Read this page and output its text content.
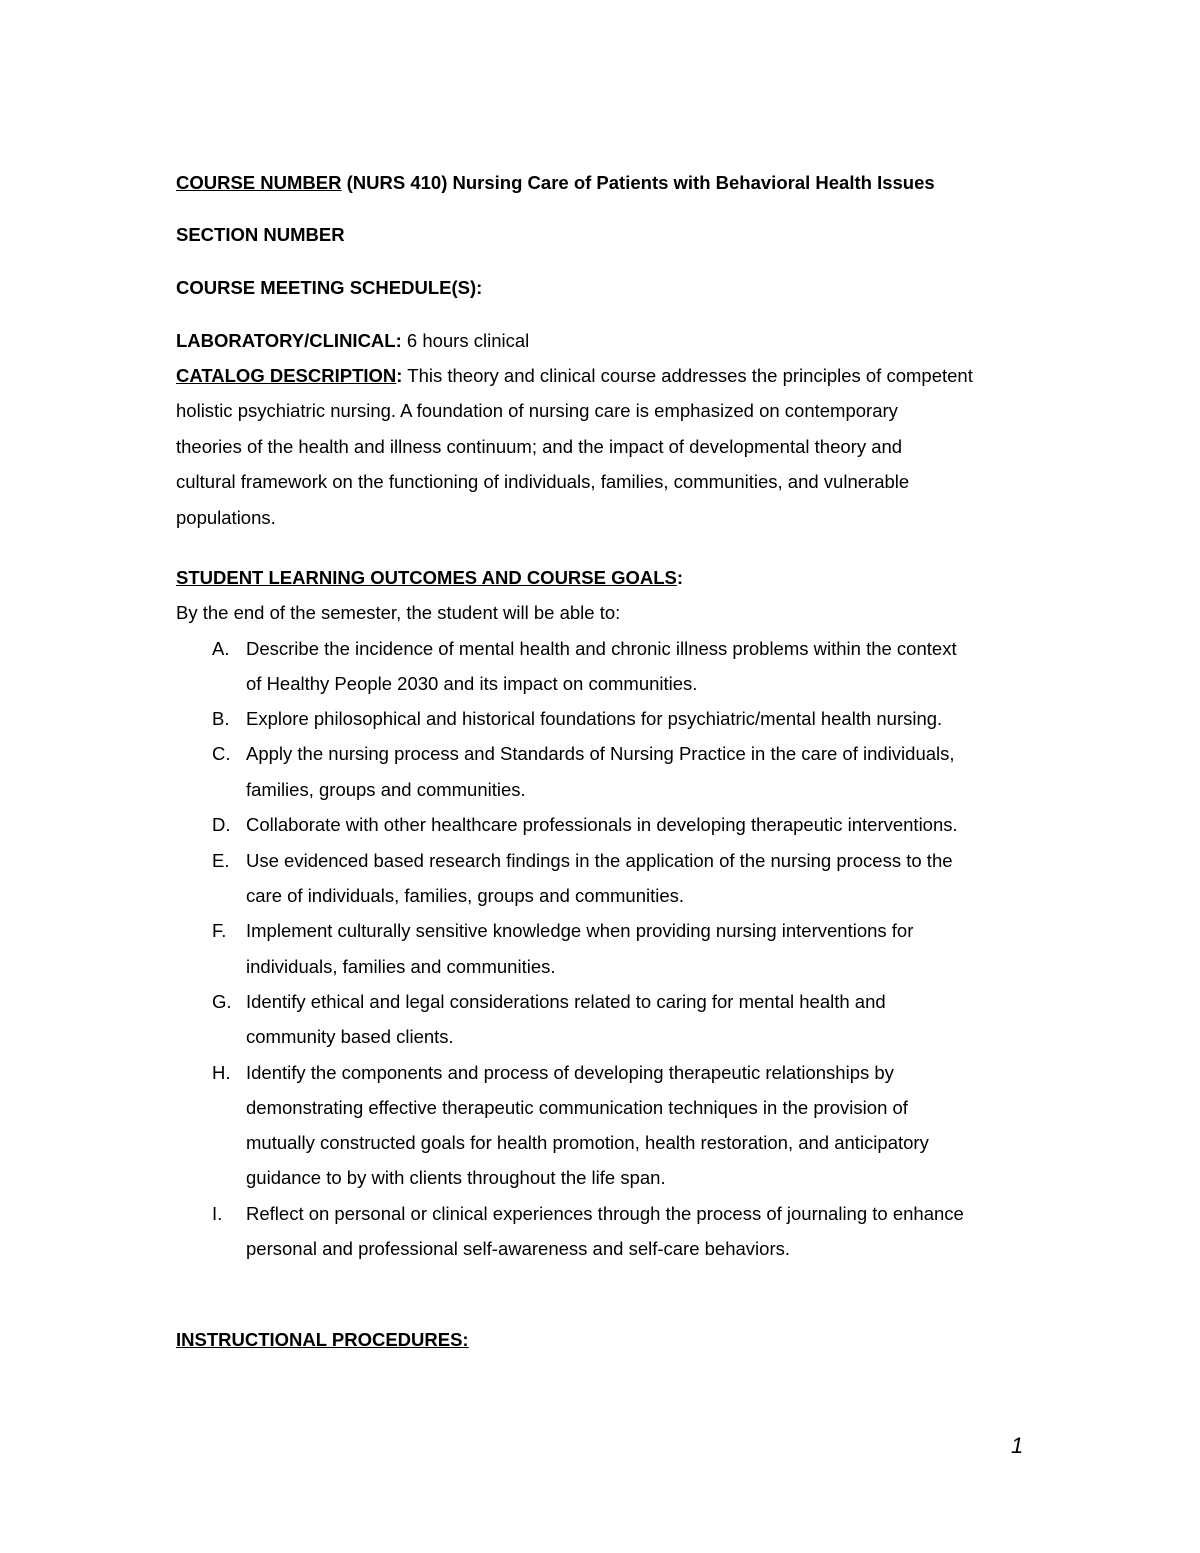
COURSE NUMBER (NURS 410) Nursing Care of Patients with Behavioral Health Issues
SECTION NUMBER
COURSE MEETING SCHEDULE(S):
LABORATORY/CLINICAL: 6 hours clinical
CATALOG DESCRIPTION: This theory and clinical course addresses the principles of competent
holistic psychiatric nursing. A foundation of nursing care is emphasized on contemporary
theories of the health and illness continuum; and the impact of developmental theory and
cultural framework on the functioning of individuals, families, communities, and vulnerable
populations.
STUDENT LEARNING OUTCOMES AND COURSE GOALS:
By the end of the semester, the student will be able to:
A. Describe the incidence of mental health and chronic illness problems within the context
of Healthy People 2030 and its impact on communities.
B. Explore philosophical and historical foundations for psychiatric/mental health nursing.
C. Apply the nursing process and Standards of Nursing Practice in the care of individuals,
families, groups and communities.
D. Collaborate with other healthcare professionals in developing therapeutic interventions.
E. Use evidenced based research findings in the application of the nursing process to the
care of individuals, families, groups and communities.
F. Implement culturally sensitive knowledge when providing nursing interventions for
individuals, families and communities.
G. Identify ethical and legal considerations related to caring for mental health and
community based clients.
H. Identify the components and process of developing therapeutic relationships by
demonstrating effective therapeutic communication techniques in the provision of
mutually constructed goals for health promotion, health restoration, and anticipatory
guidance to by with clients throughout the life span.
I. Reflect on personal or clinical experiences through the process of journaling to enhance
personal and professional self-awareness and self-care behaviors.
INSTRUCTIONAL PROCEDURES:
1
